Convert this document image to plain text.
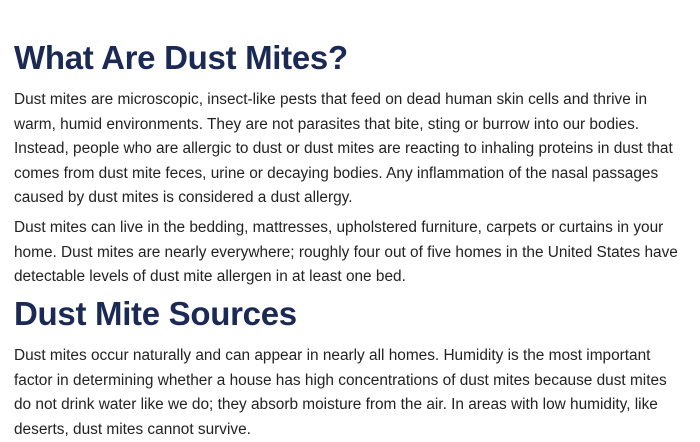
What Are Dust Mites?

Dust mites are microscopic, insect-like pests that feed on dead human skin cells and thrive in warm, humid environments. They are not parasites that bite, sting or burrow into our bodies. Instead, people who are allergic to dust or dust mites are reacting to inhaling proteins in dust that comes from dust mite feces, urine or decaying bodies. Any inflammation of the nasal passages caused by dust mites is considered a dust allergy.

Dust mites can live in the bedding, mattresses, upholstered furniture, carpets or curtains in your home. Dust mites are nearly everywhere; roughly four out of five homes in the United States have detectable levels of dust mite allergen in at least one bed.

Dust Mite Sources

Dust mites occur naturally and can appear in nearly all homes. Humidity is the most important factor in determining whether a house has high concentrations of dust mites because dust mites do not drink water like we do; they absorb moisture from the air. In areas with low humidity, like deserts, dust mites cannot survive.
